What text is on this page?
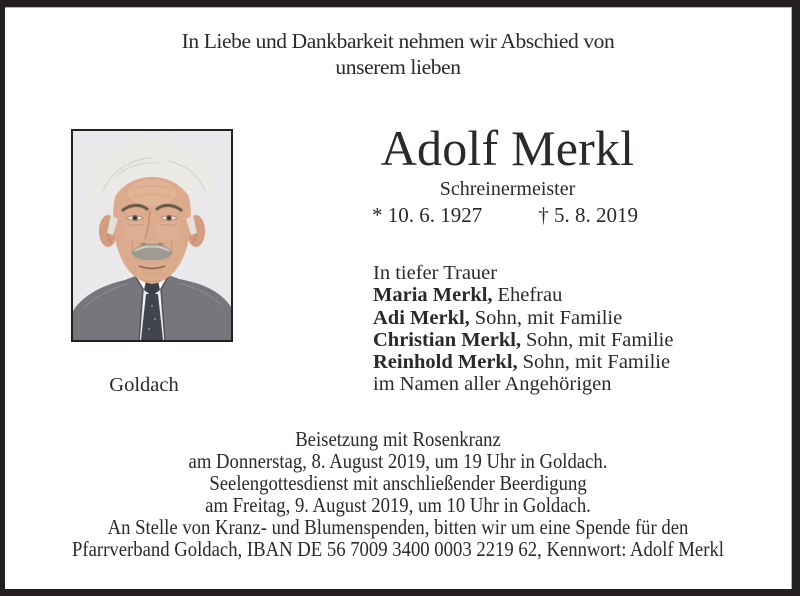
In Liebe und Dankbarkeit nehmen wir Abschied von
unserem lieben
Goldach
Adolf Merkl
Schreinermeister
* 10. 6. 1927	† 5. 8. 2019
In tiefer Trauer
Maria Merkl, Ehefrau
Adi Merkl, Sohn, mit Familie
Christian Merkl, Sohn, mit Familie
Reinhold Merkl, Sohn, mit Familie
im Namen aller Angehörigen
Beisetzung mit Rosenkranz
am Donnerstag, 8. August 2019, um 19 Uhr in Goldach.
Seelengottesdienst mit anschließender Beerdigung
am Freitag, 9. August 2019, um 10 Uhr in Goldach.
An Stelle von Kranz- und Blumenspenden, bitten wir um eine Spende für den
Pfarrverband Goldach, IBAN DE 56 7009 3400 0003 2219 62, Kennwort: Adolf Merkl
